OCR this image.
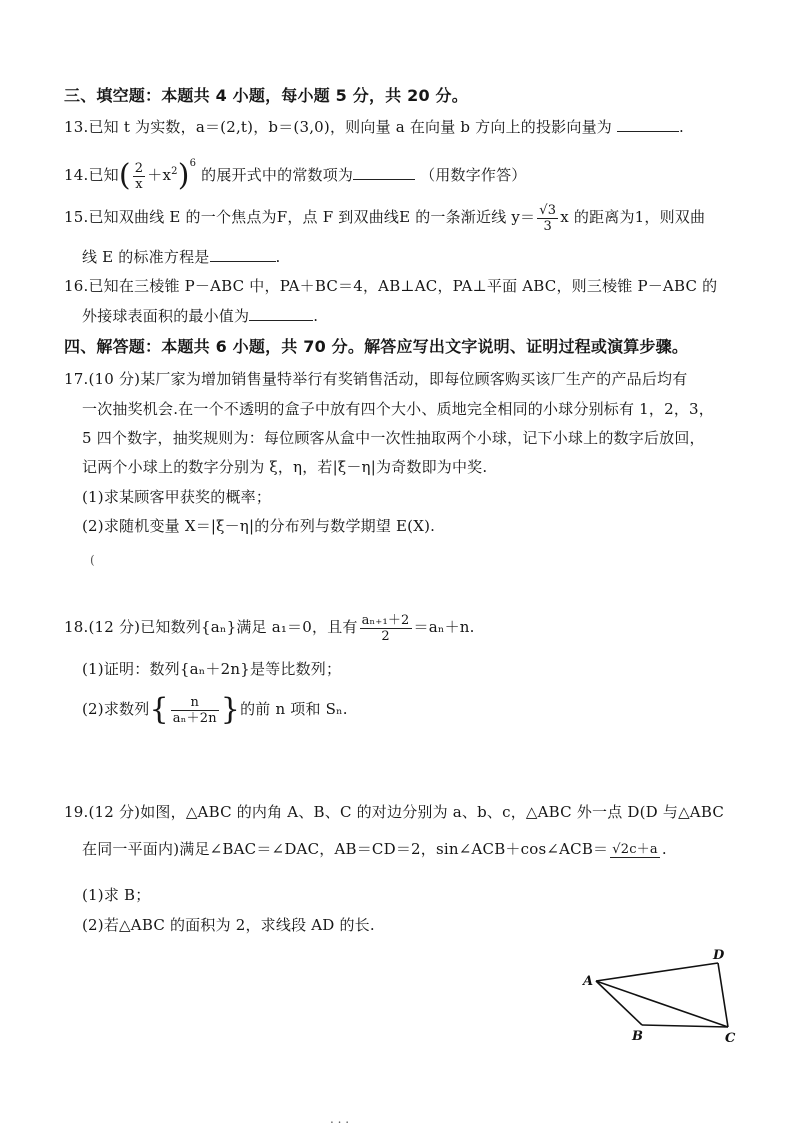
三、填空题：本题共 4 小题，每小题 5 分，共 20 分。
13.已知 t 为实数，a＝(2,t)，b＝(3,0)，则向量 a 在向量 b 方向上的投影向量为	.
14.已知( $\frac{2}{x} +x^2)^6$ 的展开式中的常数项为	（用数字作答）
15.已知双曲线 E 的一个焦点为F，点 F 到双曲线E 的一条渐近线 $y= \frac{√3}{3}$ x 的距离为1，则双曲
线 E 的标准方程是	.
16.已知在三棱锥 P－ABC 中，PA＋BC＝4，AB⊥AC，PA⊥平面 ABC，则三棱锥 P－ABC 的
外接球表面积的最小值为	.
四、解答题：本题共 6 小题，共 70 分。解答应写出文字说明、证明过程或演算步骤。
17.(10 分)某厂家为增加销售量特举行有奖销售活动，即每位顾客购买该厂生产的产品后均有
一次抽奖机会.在一个不透明的盒子中放有四个大小、质地完全相同的小球分别标有 1，2，3，
5 四个数字，抽奖规则为：每位顾客从盒中一次性抽取两个小球，记下小球上的数字后放回，
记两个小球上的数字分别为 ξ，η，若|ξ－η|为奇数即为中奖.
(1)求某顾客甲获奖的概率；
(2)求随机变量 X＝|ξ－η|的分布列与数学期望 E(X).
(
18.(12 分)已知数列{aₙ}满足 a₁＝0，且有 $\frac{\text{aₙ₊₁＋2}}{2} =a_n+n$.
(1)证明：数列{aₙ＋2n}是等比数列；
(2)求数列{ $\frac{n}{\text{aₙ＋2n}}$ }的前 n 项和 Sₙ.
19.(12 分)如图，△ABC 的内角 A、B、C 的对边分别为 a、b、c，△ABC 外一点 D(D 与△ABC
在同一平面内)满足∠BAC＝∠DAC，AB＝CD＝2，sin∠ACB＋cos∠ACB＝ √2c＋a .
(1)求 B；
(2)若△ABC 的面积为 2，求线段 AD 的长.
A
B	C
D
. . .
